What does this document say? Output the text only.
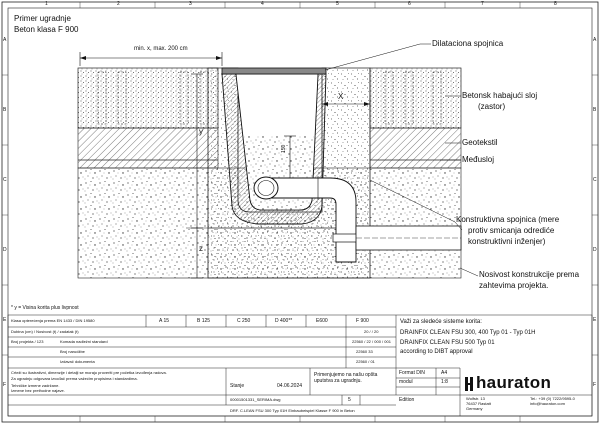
1	2	3	4	5	6	7	8
A
B
C
D
E
F
A
B
C
D
E
F
Primer ugradnje
Beton klasa F 900
min. x, max. 200 cm
X
y
z
150
Dilataciona spojnica
Betonsk habajući sloj
(zastor)
Geotekstil
Međusloj
Konstruktivna spojnica (mere
protiv smicanja odrediće
konstruktivni inženjer)
Nosivost konstrukcije prema
zahtevima projekta.
* y = Visina korita plus livpnost
Klasa opterećenja prema EN 1433 / DIN 19580	A 15	B 125	C 250	D 400**	E600	F 900
Dubina (cm) / Nosivost (t) / zadatak (t)	20 / / 20
Broj projekta / 123	Komada nadležni standard	22560 / 22 / 000 / 001
Broj narudžbe	22560 33
Izdavač dokumenta	22560 / 01
Važi za sledeće sisteme korita:
DRAINFIX CLEAN FSU 300, 400 Typ 01 - Typ 01H
DRAINFIX CLEAN FSU 500 Typ 01
according to DIBT approval
Crteži su ilustrativni, dimenzije i detalji se moraju proveriti pre početka izvođenja radova.
Za ugradnju odgovara izvođač prema važećim propisima i standardima.
Tehničke izmene zadržane.
Izmene bez prethodne najave.
Primenjujemo na našu opšta uputstva za ugradnju.
Stanje	04.06.2024
Format DIN	A4
modul	1:8
Edition
00001501331_SERIMA.dwg	5
DRF. C.LEAN FSU 300 Typ 01H Einbaubeispiel Klasse F 900 in Beton
hauraton
Wolfstr. 13
76437 Rastatt
Germany
Tel.: +39 (0) 7222/9595-0
info@hauraton.com
